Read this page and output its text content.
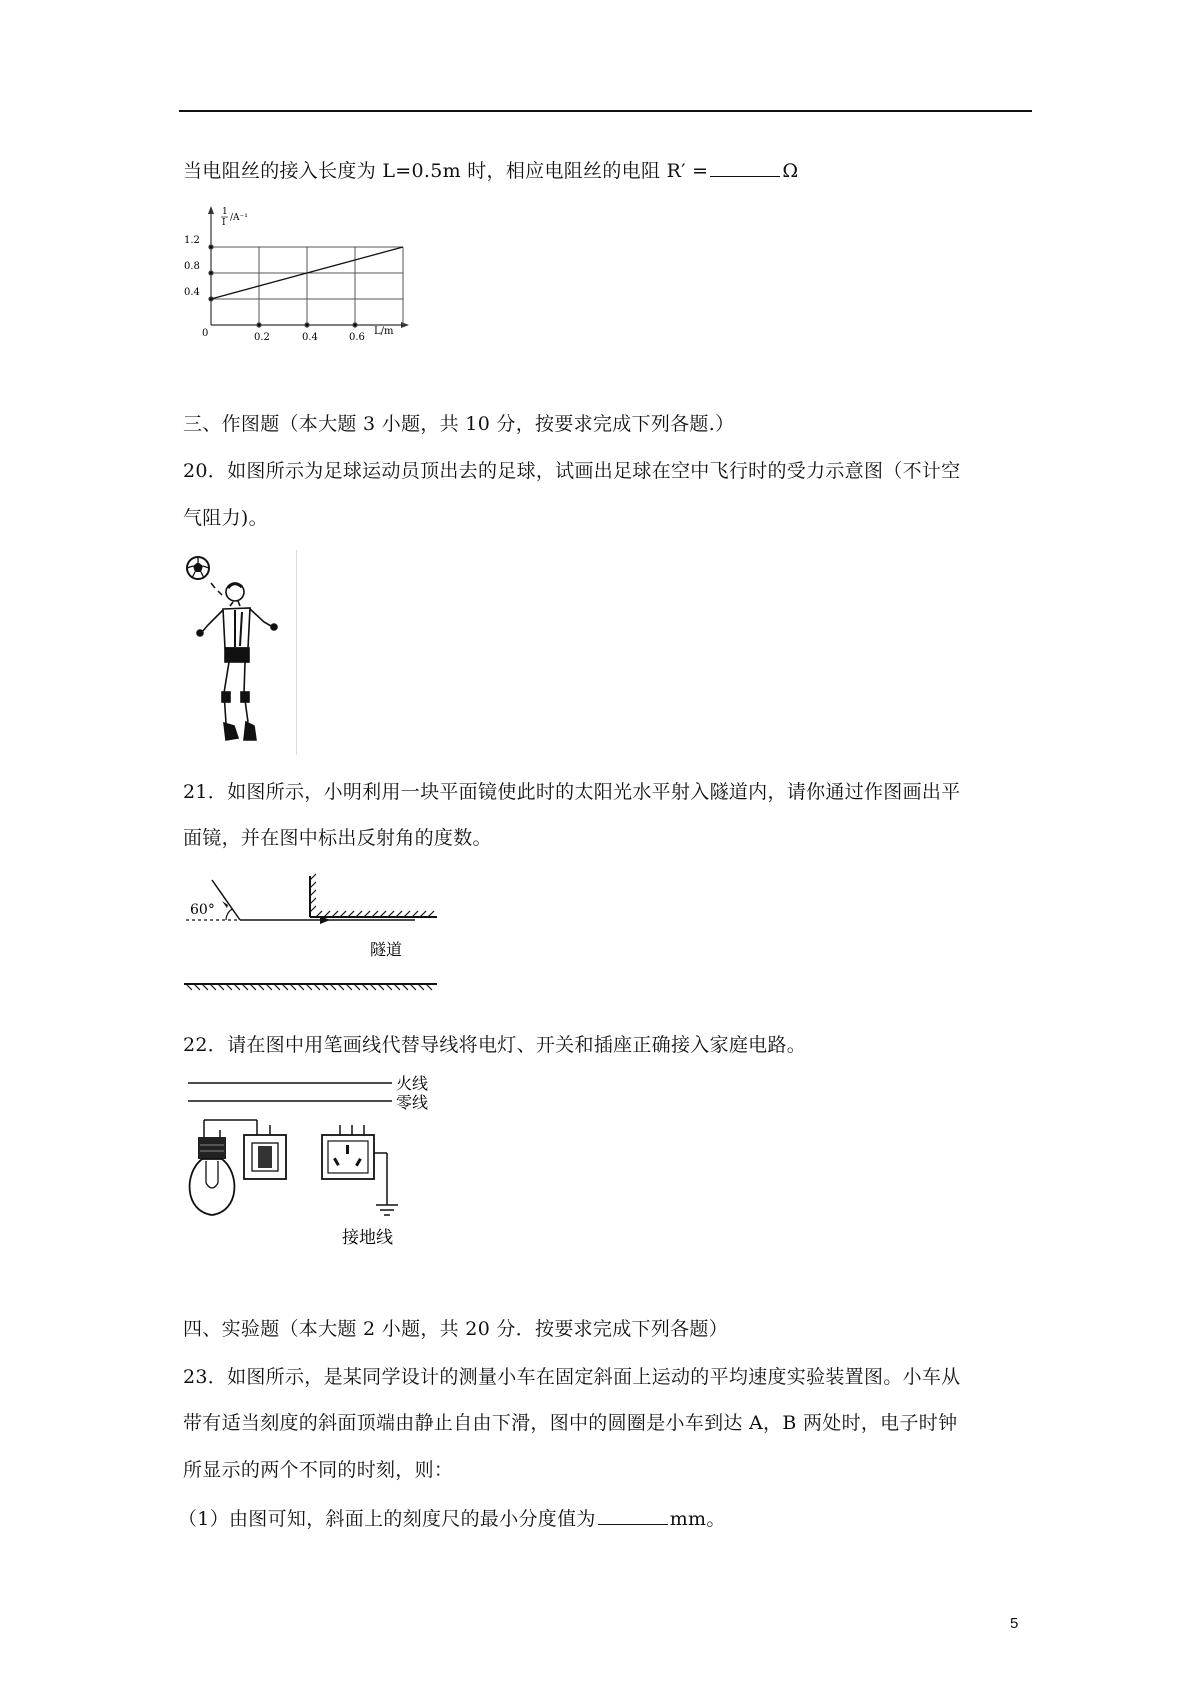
当电阻丝的接入长度为 L=0.5m 时，相应电阻丝的电阻 R′ =	Ω
1
I /A⁻¹
0
1.2
0.8
0.4
0.2	0.4	0.6
L/m
三、作图题（本大题 3 小题，共 10 分，按要求完成下列各题.）
20．如图所示为足球运动员顶出去的足球，试画出足球在空中飞行时的受力示意图（不计空
气阻力)。
21．如图所示，小明利用一块平面镜使此时的太阳光水平射入隧道内，请你通过作图画出平
面镜，并在图中标出反射角的度数。
60°
隧道
22．请在图中用笔画线代替导线将电灯、开关和插座正确接入家庭电路。
火线
零线
接地线
四、实验题（本大题 2 小题，共 20 分．按要求完成下列各题）
23．如图所示，是某同学设计的测量小车在固定斜面上运动的平均速度实验装置图。小车从
带有适当刻度的斜面顶端由静止自由下滑，图中的圆圈是小车到达 A，B 两处时，电子时钟
所显示的两个不同的时刻，则：
（1）由图可知，斜面上的刻度尺的最小分度值为	mm。
5
